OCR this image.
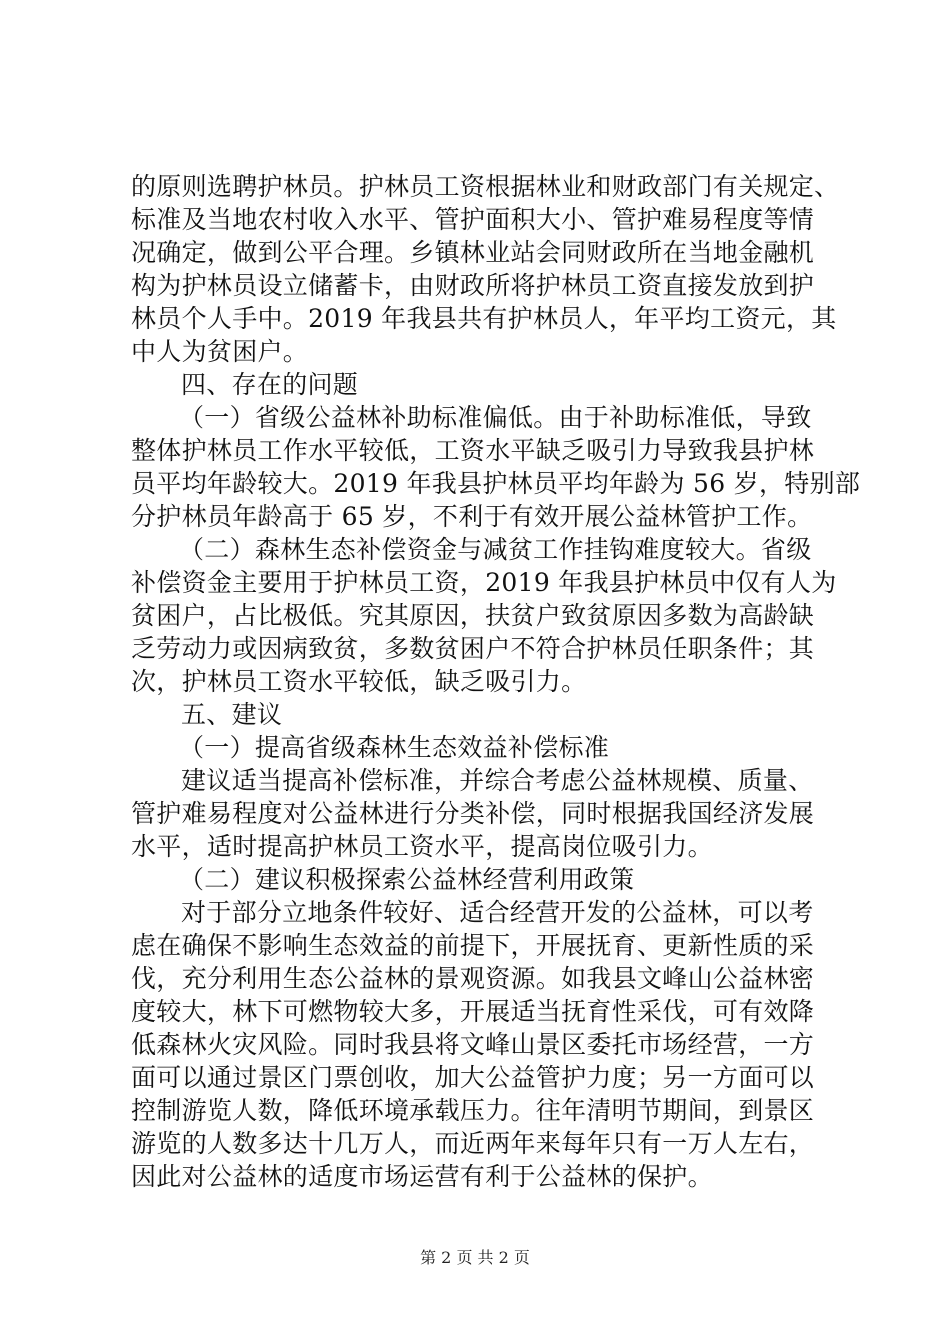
的原则选聘护林员。护林员工资根据林业和财政部门有关规定、
标准及当地农村收入水平、管护面积大小、管护难易程度等情
况确定，做到公平合理。乡镇林业站会同财政所在当地金融机
构为护林员设立储蓄卡，由财政所将护林员工资直接发放到护
林员个人手中。2019 年我县共有护林员人，年平均工资元，其
中人为贫困户。
四、存在的问题
（一）省级公益林补助标准偏低。由于补助标准低，导致
整体护林员工作水平较低，工资水平缺乏吸引力导致我县护林
员平均年龄较大。2019 年我县护林员平均年龄为 56 岁，特别部
分护林员年龄高于 65 岁，不利于有效开展公益林管护工作。
（二）森林生态补偿资金与减贫工作挂钩难度较大。省级
补偿资金主要用于护林员工资，2019 年我县护林员中仅有人为
贫困户，占比极低。究其原因，扶贫户致贫原因多数为高龄缺
乏劳动力或因病致贫，多数贫困户不符合护林员任职条件；其
次，护林员工资水平较低，缺乏吸引力。
五、建议
（一）提高省级森林生态效益补偿标准
建议适当提高补偿标准，并综合考虑公益林规模、质量、
管护难易程度对公益林进行分类补偿，同时根据我国经济发展
水平，适时提高护林员工资水平，提高岗位吸引力。
（二）建议积极探索公益林经营利用政策
对于部分立地条件较好、适合经营开发的公益林，可以考
虑在确保不影响生态效益的前提下，开展抚育、更新性质的采
伐，充分利用生态公益林的景观资源。如我县文峰山公益林密
度较大，林下可燃物较大多，开展适当抚育性采伐，可有效降
低森林火灾风险。同时我县将文峰山景区委托市场经营，一方
面可以通过景区门票创收，加大公益管护力度；另一方面可以
控制游览人数，降低环境承载压力。往年清明节期间，到景区
游览的人数多达十几万人，而近两年来每年只有一万人左右，
因此对公益林的适度市场运营有利于公益林的保护。
第 2 页 共 2 页
